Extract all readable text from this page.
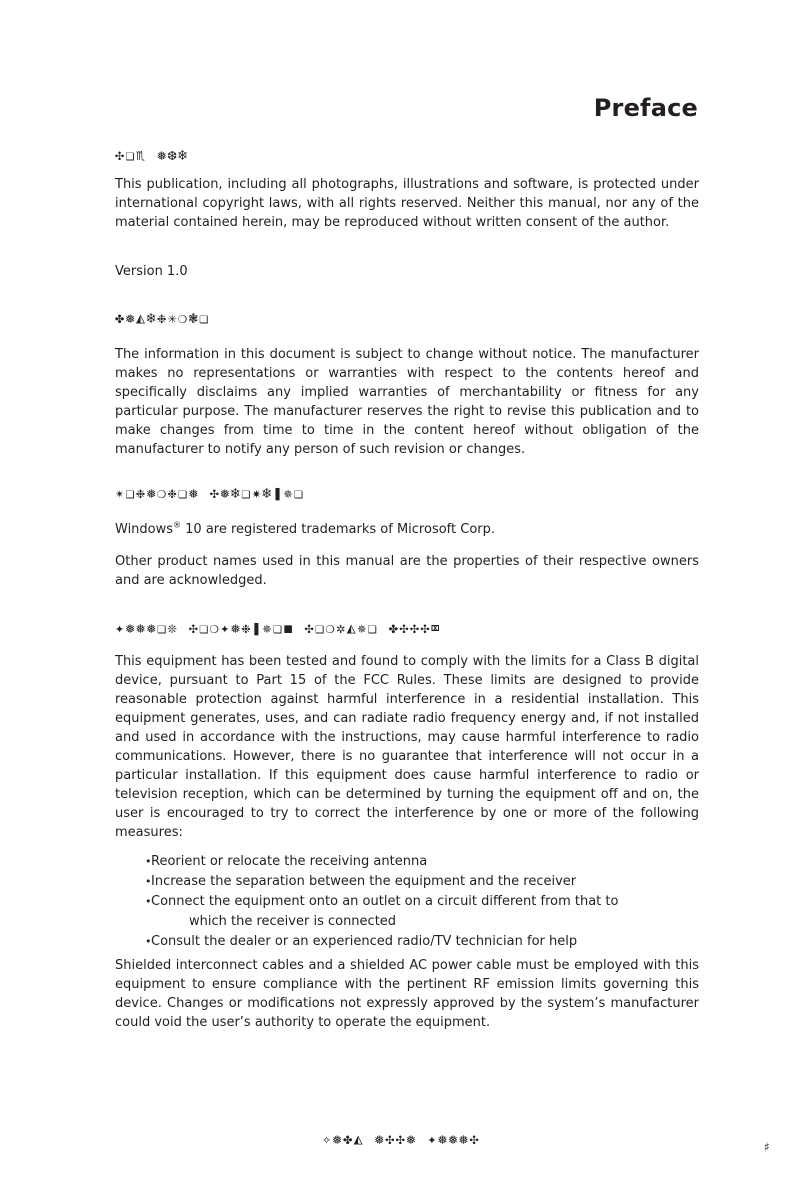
Preface
✣❏♏ ❅❆❄

This publication, including all photographs, illustrations and software, is protected under international copyright laws, with all rights reserved. Neither this manual, nor any of the material contained herein, may be reproduced without written consent of the author.

Version 1.0
✤❅◭❄❉✳❍❃❏

The information in this document is subject to change without notice. The manufacturer makes no representations or warranties with respect to the contents hereof and specifically disclaims any implied warranties of merchantability or fitness for any particular purpose. The manufacturer reserves the right to revise this publication and to make changes from time to time in the content hereof without obligation of the manufacturer to notify any person of such revision or changes.

✴❏❉❅❍❉❏❅ ✣❅❄❏✷❄❚✵❏
Windows® 10 are registered trademarks of Microsoft Corp.

Other product names used in this manual are the properties of their respective owners and are acknowledged.

✦❅❅❅❏❊ ✣❏❍✦❅❉❚✵❏◼ ✣❏❍✲◭✵❏ ✤✣✣✣⌧

This equipment has been tested and found to comply with the limits for a Class B digital device, pursuant to Part 15 of the FCC Rules. These limits are designed to provide reasonable protection against harmful interference in a residential installation. This equipment generates, uses, and can radiate radio frequency energy and, if not installed and used in accordance with the instructions, may cause harmful interference to radio communications. However, there is no guarantee that interference will not occur in a particular installation. If this equipment does cause harmful interference to radio or television reception, which can be determined by turning the equipment off and on, the user is encouraged to try to correct the interference by one or more of the following measures:

• Reorient or relocate the receiving antenna
• Increase the separation between the equipment and the receiver
• Connect the equipment onto an outlet on a circuit different from that to
which the receiver is connected
• Consult the dealer or an experienced radio/TV technician for help

Shielded interconnect cables and a shielded AC power cable must be employed with this equipment to ensure compliance with the pertinent RF emission limits governing this device. Changes or modifications not expressly approved by the system’s manufacturer could void the user’s authority to operate the equipment.

✧❅✤◭ ❅✣✣❅ ✦❅❅❅✣	♯
